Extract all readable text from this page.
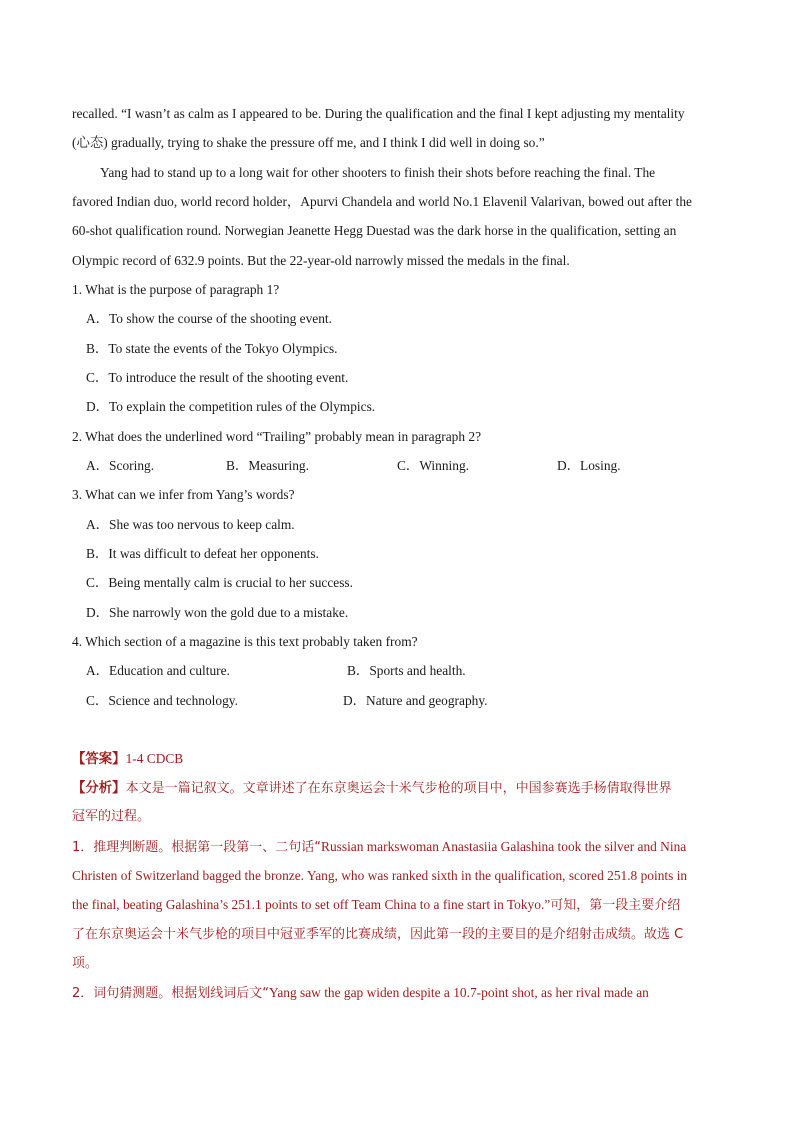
recalled. “I wasn’t as calm as I appeared to be. During the qualification and the final I kept adjusting my mentality
(心态) gradually, trying to shake the pressure off me, and I think I did well in doing so.”
Yang had to stand up to a long wait for other shooters to finish their shots before reaching the final. The
favored Indian duo, world record holder，Apurvi Chandela and world No.1 Elavenil Valarivan, bowed out after the
60-shot qualification round. Norwegian Jeanette Hegg Duestad was the dark horse in the qualification, setting an
Olympic record of 632.9 points. But the 22-year-old narrowly missed the medals in the final.
1. What is the purpose of paragraph 1?
A．To show the course of the shooting event.
B．To state the events of the Tokyo Olympics.
C．To introduce the result of the shooting event.
D．To explain the competition rules of the Olympics.
2. What does the underlined word “Trailing” probably mean in paragraph 2?
A．Scoring.	B．Measuring.	C．Winning.	D．Losing.
3. What can we infer from Yang’s words?
A．She was too nervous to keep calm.
B．It was difficult to defeat her opponents.
C．Being mentally calm is crucial to her success.
D．She narrowly won the gold due to a mistake.
4. Which section of a magazine is this text probably taken from?
A．Education and culture.	B．Sports and health.
C．Science and technology.	D．Nature and geography.
【答案】1-4 CDCB
【分析】本文是一篇记叙文。文章讲述了在东京奥运会十米气步枪的项目中，中国参赛选手杨倩取得世界
冠军的过程。
1．推理判断题。根据第一段第一、二句话“Russian markswoman Anastasiia Galashina took the silver and Nina
Christen of Switzerland bagged the bronze. Yang, who was ranked sixth in the qualification, scored 251.8 points in
the final, beating Galashina’s 251.1 points to set off Team China to a fine start in Tokyo.”可知，第一段主要介绍
了在东京奥运会十米气步枪的项目中冠亚季军的比赛成绩，因此第一段的主要目的是介绍射击成绩。故选 C
项。
2．词句猜测题。根据划线词后文“Yang saw the gap widen despite a 10.7-point shot, as her rival made an
